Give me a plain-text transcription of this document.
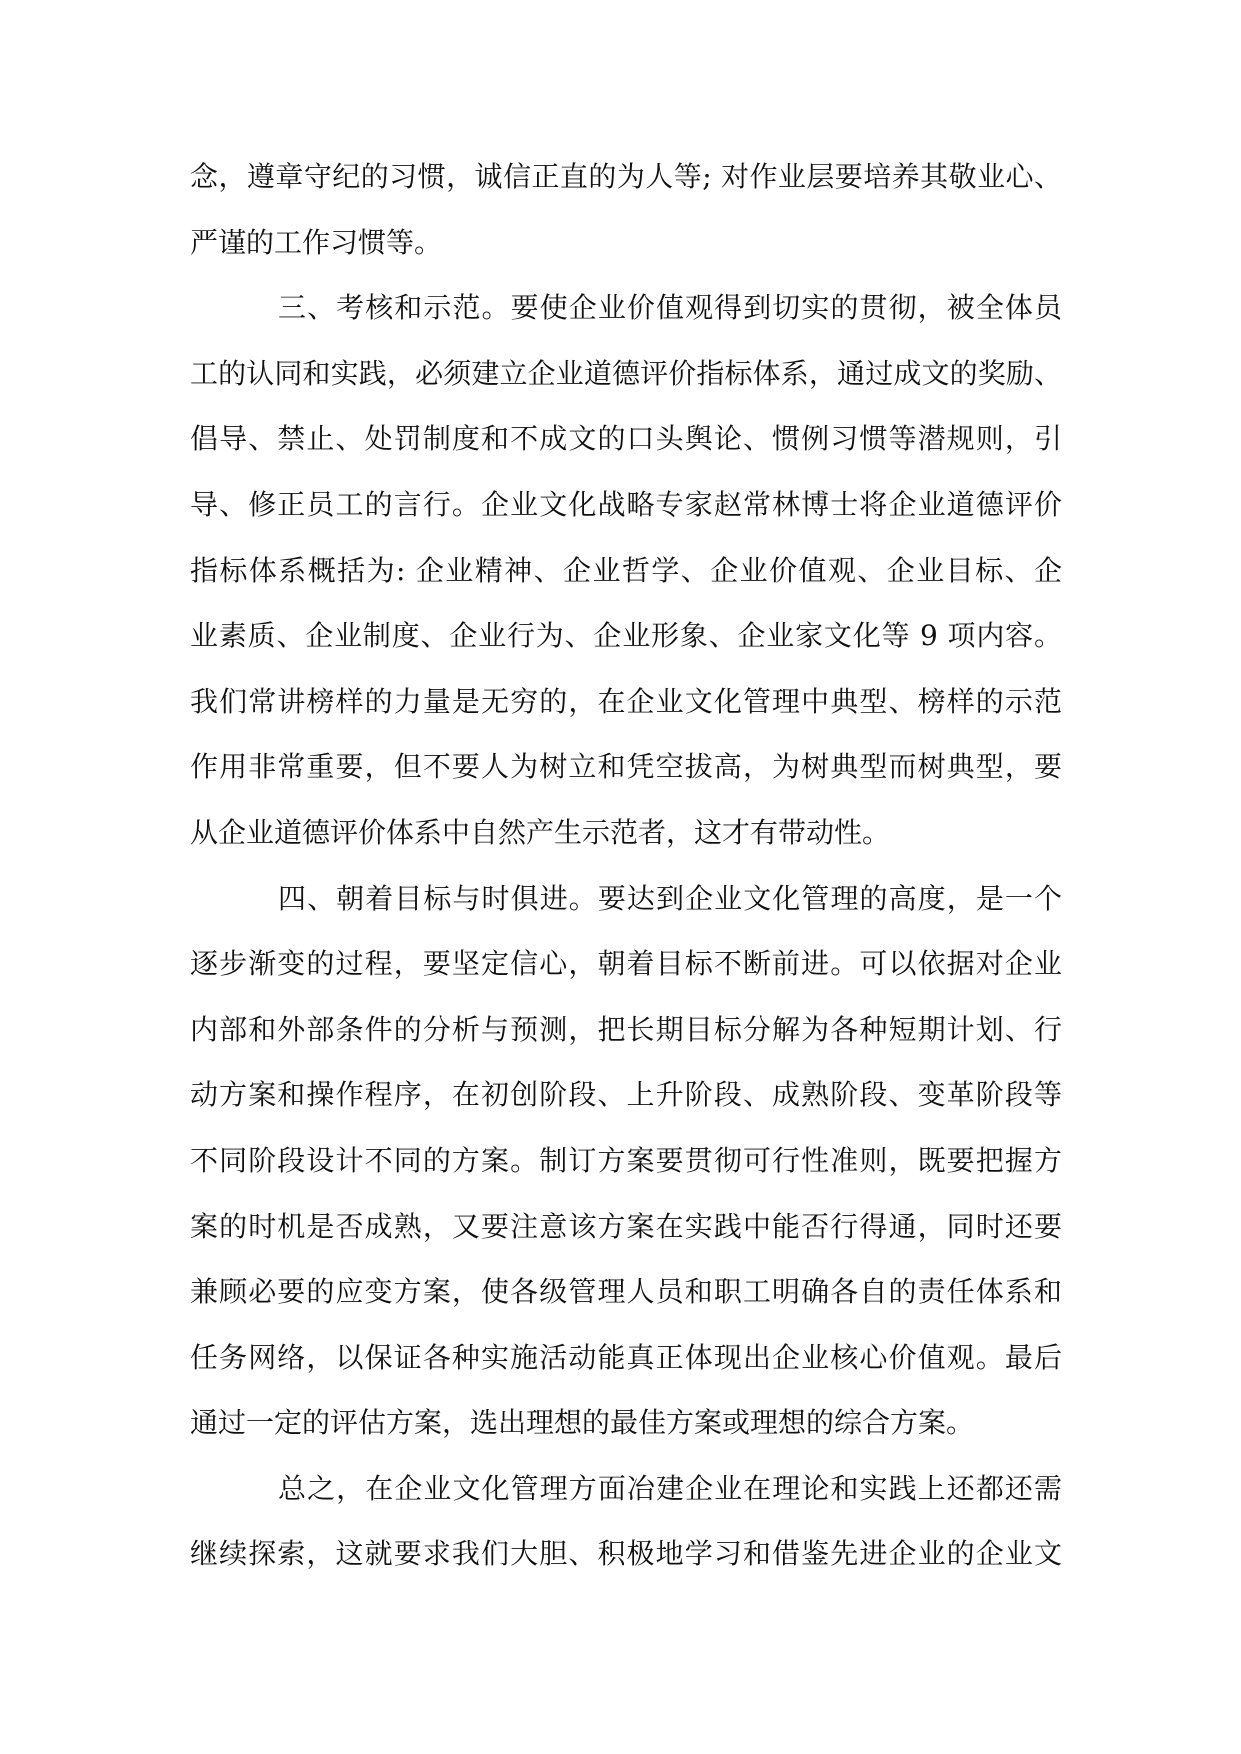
念，遵章守纪的习惯，诚信正直的为人等; 对作业层要培养其敬业心、
严谨的工作习惯等。
三、考核和示范。要使企业价值观得到切实的贯彻，被全体员
工的认同和实践，必须建立企业道德评价指标体系，通过成文的奖励、
倡导、禁止、处罚制度和不成文的口头舆论、惯例习惯等潜规则，引
导、修正员工的言行。企业文化战略专家赵常林博士将企业道德评价
指标体系概括为: 企业精神、企业哲学、企业价值观、企业目标、企
业素质、企业制度、企业行为、企业形象、企业家文化等 9 项内容。
我们常讲榜样的力量是无穷的，在企业文化管理中典型、榜样的示范
作用非常重要，但不要人为树立和凭空拔高，为树典型而树典型，要
从企业道德评价体系中自然产生示范者，这才有带动性。
四、朝着目标与时俱进。要达到企业文化管理的高度，是一个
逐步渐变的过程，要坚定信心，朝着目标不断前进。可以依据对企业
内部和外部条件的分析与预测，把长期目标分解为各种短期计划、行
动方案和操作程序，在初创阶段、上升阶段、成熟阶段、变革阶段等
不同阶段设计不同的方案。制订方案要贯彻可行性准则，既要把握方
案的时机是否成熟，又要注意该方案在实践中能否行得通，同时还要
兼顾必要的应变方案，使各级管理人员和职工明确各自的责任体系和
任务网络，以保证各种实施活动能真正体现出企业核心价值观。最后
通过一定的评估方案，选出理想的最佳方案或理想的综合方案。
总之，在企业文化管理方面冶建企业在理论和实践上还都还需
继续探索，这就要求我们大胆、积极地学习和借鉴先进企业的企业文
